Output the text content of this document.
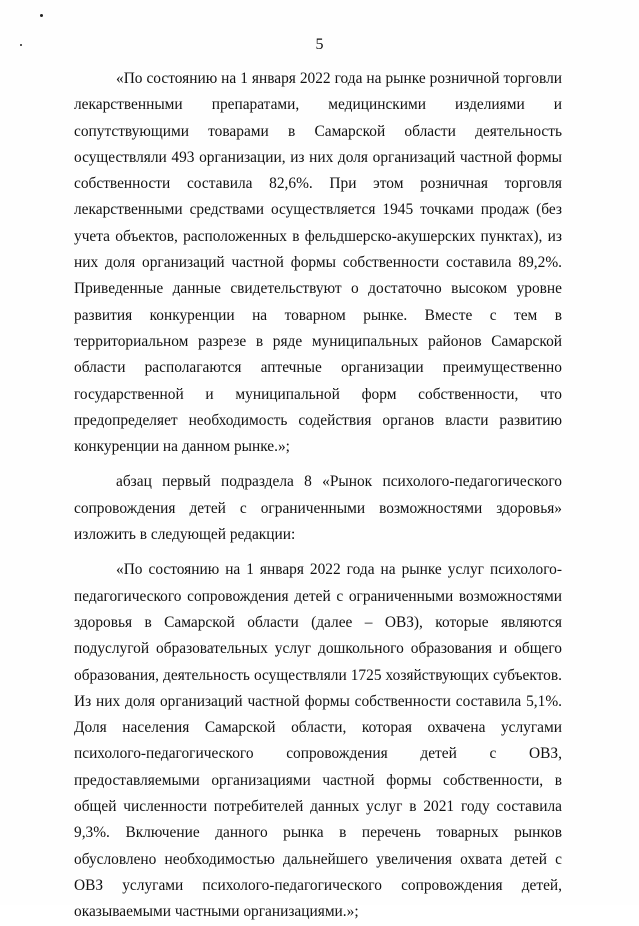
5

«По состоянию на 1 января 2022 года на рынке розничной торговли лекарственными препаратами, медицинскими изделиями и сопутствующими товарами в Самарской области деятельность осуществляли 493 организации, из них доля организаций частной формы собственности составила 82,6%. При этом розничная торговля лекарственными средствами осуществляется 1945 точками продаж (без учета объектов, расположенных в фельдшерско-акушерских пунктах), из них доля организаций частной формы собственности составила 89,2%. Приведенные данные свидетельствуют о достаточно высоком уровне развития конкуренции на товарном рынке. Вместе с тем в территориальном разрезе в ряде муниципальных районов Самарской области располагаются аптечные организации преимущественно государственной и муниципальной форм собственности, что предопределяет необходимость содействия органов власти развитию конкуренции на данном рынке.»;

абзац первый подраздела 8 «Рынок психолого-педагогического сопровождения детей с ограниченными возможностями здоровья» изложить в следующей редакции:

«По состоянию на 1 января 2022 года на рынке услуг психолого-педагогического сопровождения детей с ограниченными возможностями здоровья в Самарской области (далее – ОВЗ), которые являются подуслугой образовательных услуг дошкольного образования и общего образования, деятельность осуществляли 1725 хозяйствующих субъектов. Из них доля организаций частной формы собственности составила 5,1%. Доля населения Самарской области, которая охвачена услугами психолого-педагогического сопровождения детей с ОВЗ, предоставляемыми организациями частной формы собственности, в общей численности потребителей данных услуг в 2021 году составила 9,3%. Включение данного рынка в перечень товарных рынков обусловлено необходимостью дальнейшего увеличения охвата детей с ОВЗ услугами психолого-педагогического сопровождения детей, оказываемыми частными организациями.»;
